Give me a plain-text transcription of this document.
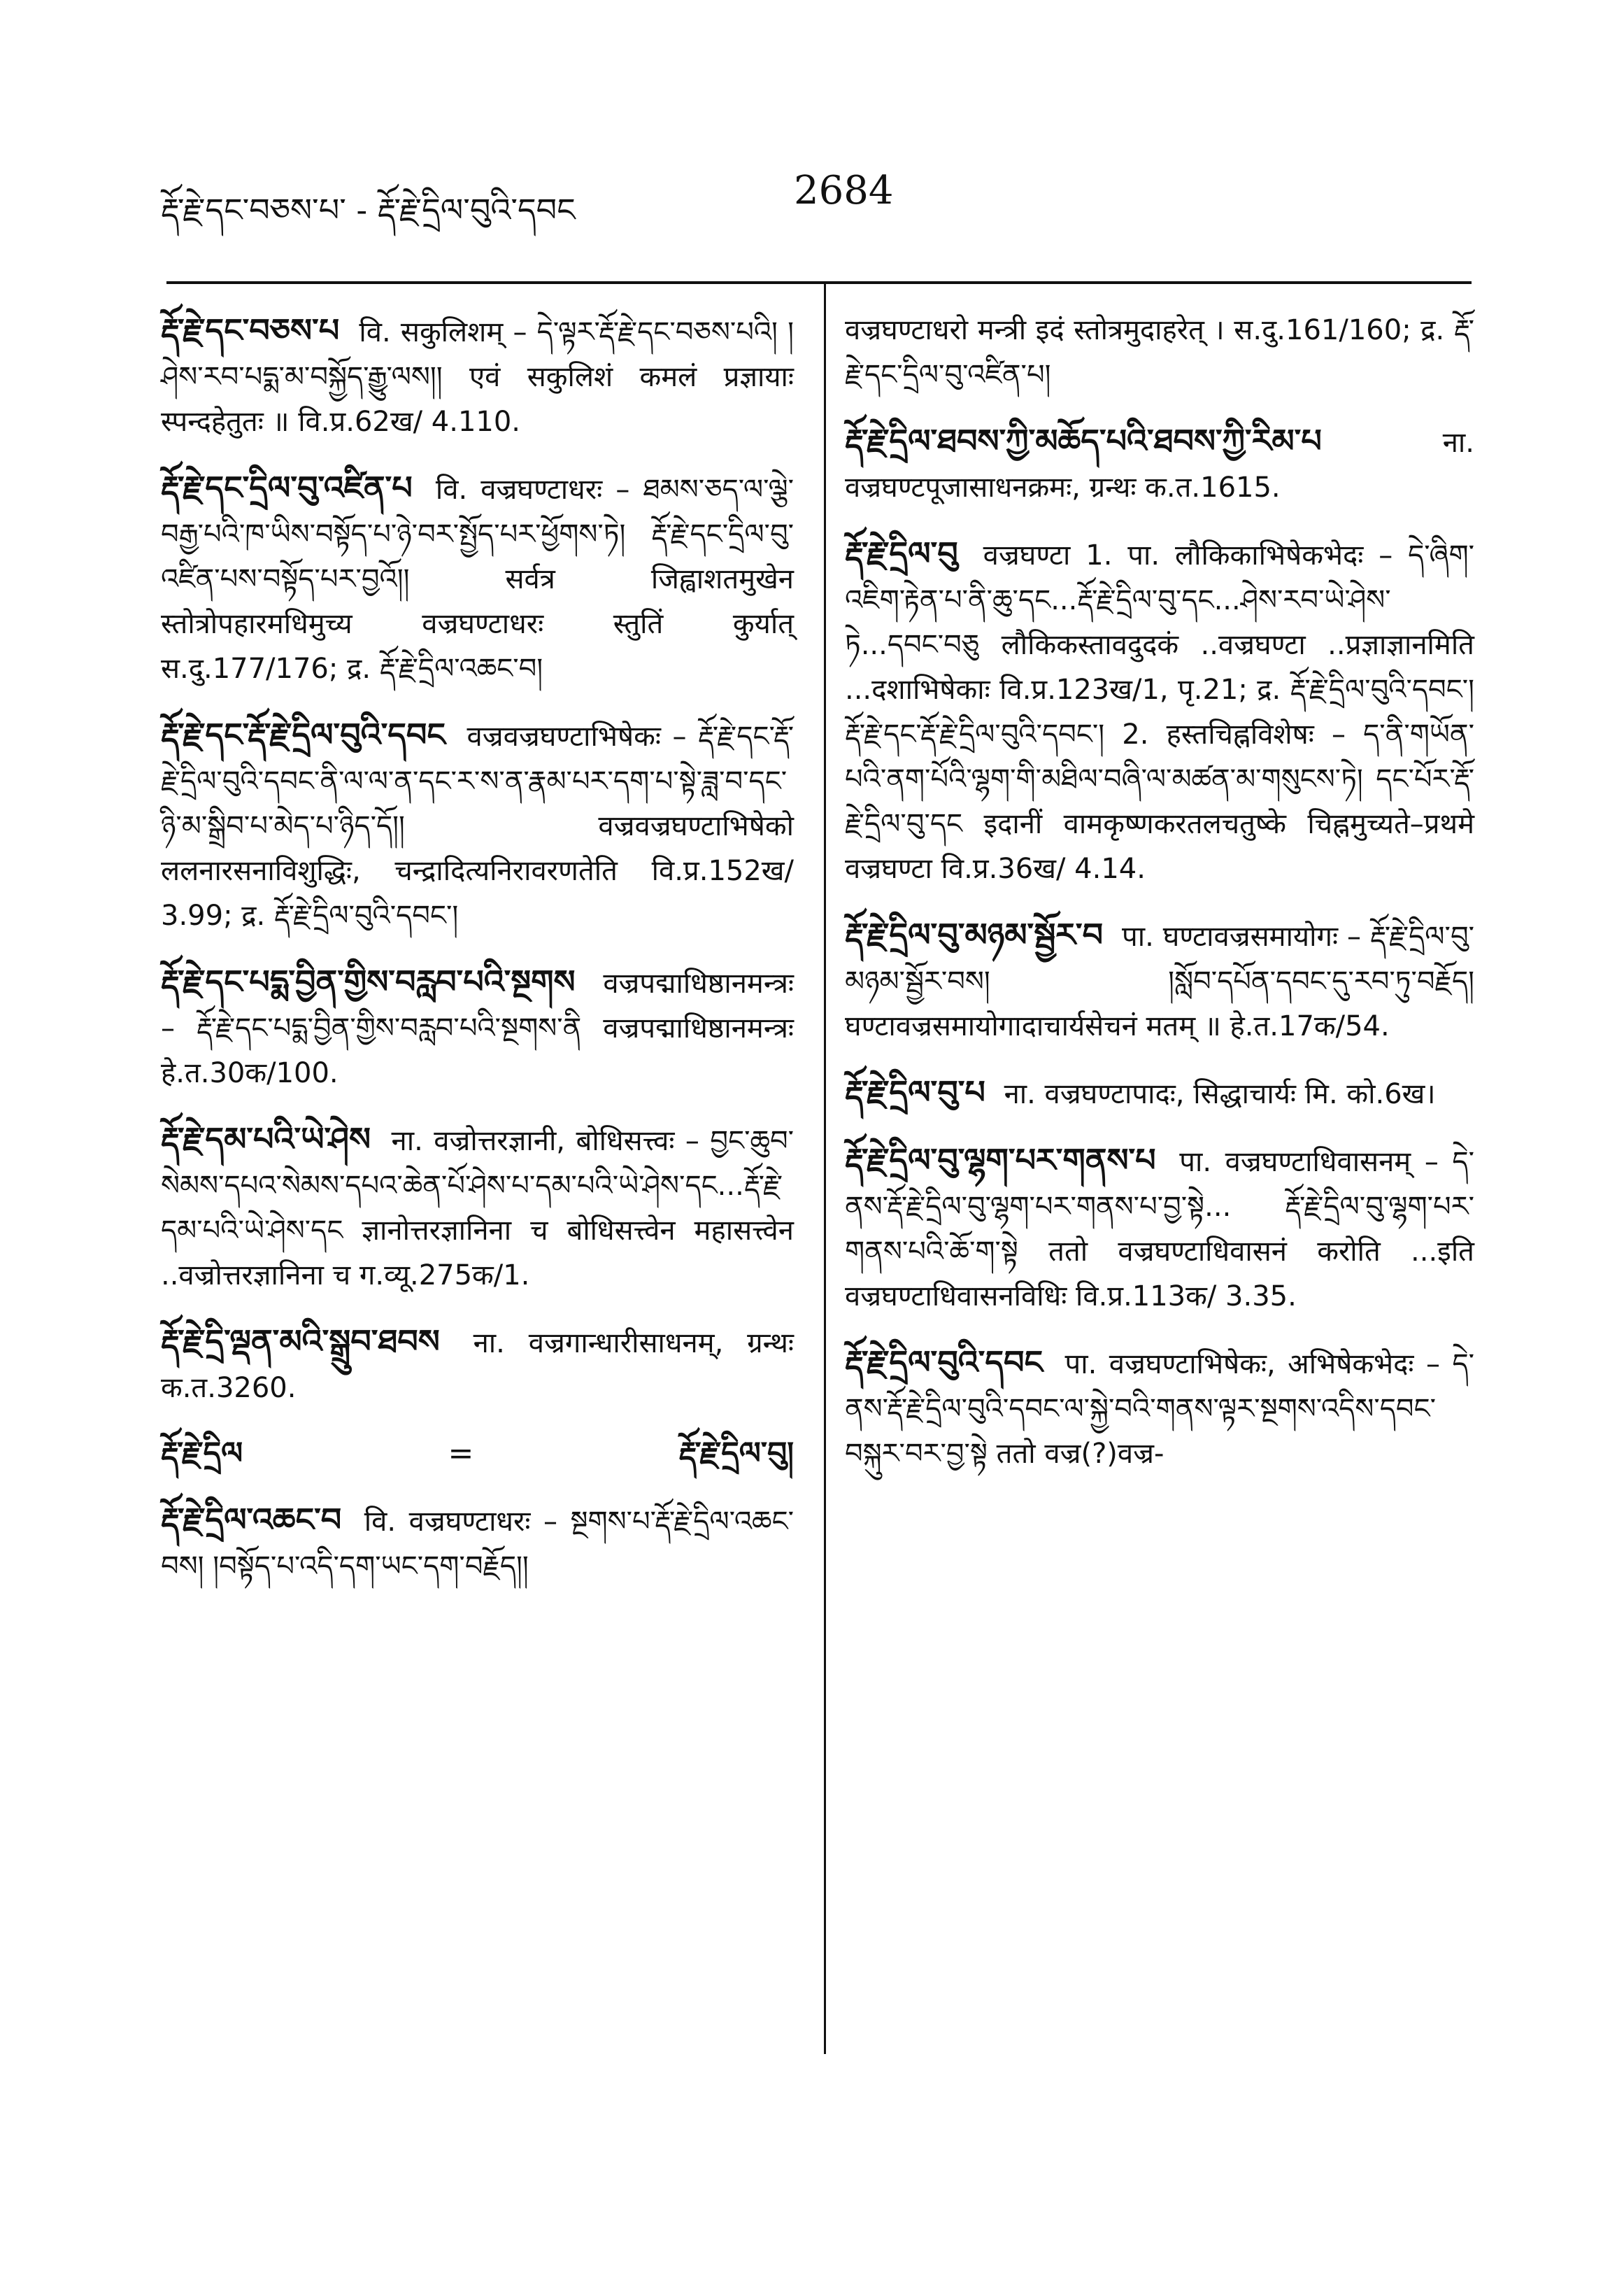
རྡོ་རྗེ་དང་བཅས་པ་ - རྡོ་རྗེ་དྲིལ་བུའི་དབང	2684
རྡོ་རྗེ་དང་བཅས་པ वि. सकुलिशम् – དེ་ལྟར་རྡོ་རྗེ་དང་བཅས་པའི། །ཤེས་རབ་པདྨ་མ་བསྐྱོད་རྒྱུ་ལས།། एवं सकुलिशं कमलं प्रज्ञायाः स्पन्दहेतुतः ॥ वि.प्र.62ख/ 4.110.
རྡོ་རྗེ་དང་དྲིལ་བུ་འཛིན་པ वि. वज्रघण्टाधरः – ཐམས་ཅད་ལ་ལྕེ་བརྒྱ་པའི་ཁ་ཡིས་བསྟོད་པ་ཉེ་བར་སྤྱོད་པར་ཕྱོགས་ཏེ། རྡོ་རྗེ་དང་དྲིལ་བུ་འཛིན་པས་བསྟོད་པར་བྱའོ།། सर्वत्र जिह्वाशतमुखेन स्तोत्रोपहारमधिमुच्य वज्रघण्टाधरः स्तुतिं कुर्यात् स.दु.177/176; द्र. རྡོ་རྗེ་དྲིལ་འཆང་བ།
རྡོ་རྗེ་དང་རྡོ་རྗེ་དྲིལ་བུའི་དབང वज्रवज्रघण्टाभिषेकः – རྡོ་རྗེ་དང་རྡོ་རྗེ་དྲིལ་བུའི་དབང་ནི་ལ་ལ་ན་དང་ར་ས་ན་རྣམ་པར་དག་པ་སྟེ་ཟླ་བ་དང་ཉི་མ་སྒྲིབ་པ་མེད་པ་ཉིད་དོ།། वज्रवज्रघण्टाभिषेको ललनारसनाविशुद्धिः, चन्द्रादित्यनिरावरणतेति वि.प्र.152ख/ 3.99; द्र. རྡོ་རྗེ་དྲིལ་བུའི་དབང་།
རྡོ་རྗེ་དང་པདྨ་བྱིན་གྱིས་བརླབ་པའི་སྔགས वज्रपद्माधिष्ठानमन्त्रः – རྡོ་རྗེ་དང་པདྨ་བྱིན་གྱིས་བརླབ་པའི་སྔགས་ནི वज्रपद्माधिष्ठानमन्त्रः हे.त.30क/100.
རྡོ་རྗེ་དམ་པའི་ཡེ་ཤེས ना. वज्रोत्तरज्ञानी, बोधिसत्त्वः – བྱང་ཆུབ་སེམས་དཔའ་སེམས་དཔའ་ཆེན་པོ་ཤེས་པ་དམ་པའི་ཡེ་ཤེས་དང...རྡོ་རྗེ་དམ་པའི་ཡེ་ཤེས་དང ज्ञानोत्तरज्ञानिना च बोधिसत्त्वेन महासत्त्वेन ..वज्रोत्तरज्ञानिना च ग.व्यू.275क/1.
རྡོ་རྗེ་དྲི་ལྡན་མའི་སྒྲུབ་ཐབས ना. वज्रगान्धारीसाधनम्, ग्रन्थः क.त.3260.
རྡོ་རྗེ་དྲིལ	=	རྡོ་རྗེ་དྲིལ་བུ།
རྡོ་རྗེ་དྲིལ་འཆང་བ वि. वज्रघण्टाधरः – སྔགས་པ་རྡོ་རྗེ་དྲིལ་འཆང་བས། །བསྟོད་པ་འདི་དག་ཡང་དག་བརྗོད།།
वज्रघण्टाधरो मन्त्री इदं स्तोत्रमुदाहरेत् । स.दु.161/160; द्र. རྡོ་རྗེ་དང་དྲིལ་བུ་འཛིན་པ།
རྡོ་རྗེ་དྲིལ་ཐབས་ཀྱི་མཆོད་པའི་ཐབས་ཀྱི་རིམ་པ	ना. वज्रघण्टपूजासाधनक्रमः, ग्रन्थः क.त.1615.
རྡོ་རྗེ་དྲིལ་བུ वज्रघण्टा 1. पा. लौकिकाभिषेकभेदः – དེ་ཞིག་འཇིག་རྟེན་པ་ནི་ཆུ་དང...རྡོ་རྗེ་དྲིལ་བུ་དང...ཤེས་རབ་ཡེ་ཤེས་ཏེ...དབང་བཅུ लौकिकस्तावदुदकं ..वज्रघण्टा ..प्रज्ञाज्ञानमिति ...दशाभिषेकाः वि.प्र.123ख/1, पृ.21; द्र. རྡོ་རྗེ་དྲིལ་བུའི་དབང་། རྡོ་རྗེ་དང་རྡོ་རྗེ་དྲིལ་བུའི་དབང་། 2. हस्तचिह्नविशेषः – ད་ནི་གཡོན་པའི་ནག་པོའི་ལྷག་གི་མཐིལ་བཞི་ལ་མཚན་མ་གསུངས་ཏེ། དང་པོར་རྡོ་རྗེ་དྲིལ་བུ་དང इदानीं वामकृष्णकरतलचतुष्के चिह्नमुच्यते–प्रथमे वज्रघण्टा वि.प्र.36ख/ 4.14.
རྡོ་རྗེ་དྲིལ་བུ་མཉམ་སྦྱོར་བ पा. घण्टावज्रसमायोगः – རྡོ་རྗེ་དྲིལ་བུ་མཉམ་སྦྱོར་བས། །སློབ་དཔོན་དབང་དུ་རབ་ཏུ་བརྗོད། घण्टावज्रसमायोगादाचार्यसेचनं मतम् ॥ हे.त.17क/54.
རྡོ་རྗེ་དྲིལ་བུ་པ ना. वज्रघण्टापादः, सिद्धाचार्यः मि. को.6ख।
རྡོ་རྗེ་དྲིལ་བུ་ལྷག་པར་གནས་པ पा. वज्रघण्टाधिवासनम् – དེ་ནས་རྡོ་རྗེ་དྲིལ་བུ་ལྷག་པར་གནས་པ་བྱ་སྟེ... རྡོ་རྗེ་དྲིལ་བུ་ལྷག་པར་གནས་པའི་ཆོ་ག་སྟེ ततो वज्रघण्टाधिवासनं करोति ...इति वज्रघण्टाधिवासनविधिः वि.प्र.113क/ 3.35.
རྡོ་རྗེ་དྲིལ་བུའི་དབང पा. वज्रघण्टाभिषेकः, अभिषेकभेदः – དེ་ནས་རྡོ་རྗེ་དྲིལ་བུའི་དབང་ལ་སྐྱེ་བའི་གནས་ལྟར་སྔགས་འདིས་དབང་བསྐུར་བར་བྱ་སྟེ ततो वज्र(?)वज्र-
